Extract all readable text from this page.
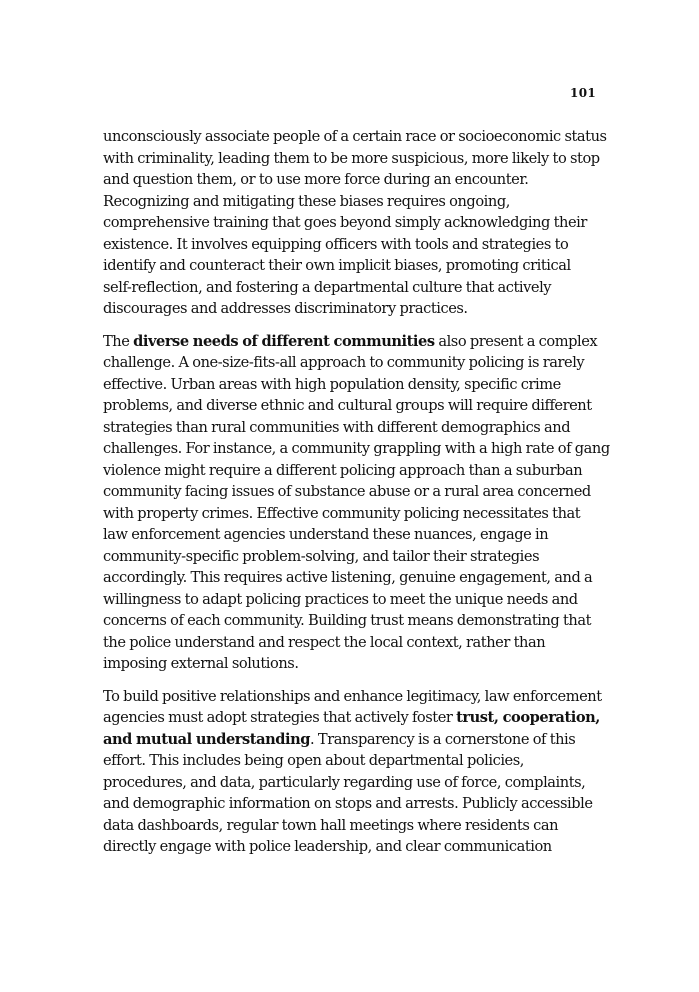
101

unconsciously associate people of a certain race or socioeconomic status
with criminality, leading them to be more suspicious, more likely to stop
and question them, or to use more force during an encounter.
Recognizing and mitigating these biases requires ongoing,
comprehensive training that goes beyond simply acknowledging their
existence. It involves equipping officers with tools and strategies to
identify and counteract their own implicit biases, promoting critical
self-reflection, and fostering a departmental culture that actively
discourages and addresses discriminatory practices.

The diverse needs of different communities also present a complex
challenge. A one-size-fits-all approach to community policing is rarely
effective. Urban areas with high population density, specific crime
problems, and diverse ethnic and cultural groups will require different
strategies than rural communities with different demographics and
challenges. For instance, a community grappling with a high rate of gang
violence might require a different policing approach than a suburban
community facing issues of substance abuse or a rural area concerned
with property crimes. Effective community policing necessitates that
law enforcement agencies understand these nuances, engage in
community-specific problem-solving, and tailor their strategies
accordingly. This requires active listening, genuine engagement, and a
willingness to adapt policing practices to meet the unique needs and
concerns of each community. Building trust means demonstrating that
the police understand and respect the local context, rather than
imposing external solutions.

To build positive relationships and enhance legitimacy, law enforcement
agencies must adopt strategies that actively foster trust, cooperation,
and mutual understanding. Transparency is a cornerstone of this
effort. This includes being open about departmental policies,
procedures, and data, particularly regarding use of force, complaints,
and demographic information on stops and arrests. Publicly accessible
data dashboards, regular town hall meetings where residents can
directly engage with police leadership, and clear communication
